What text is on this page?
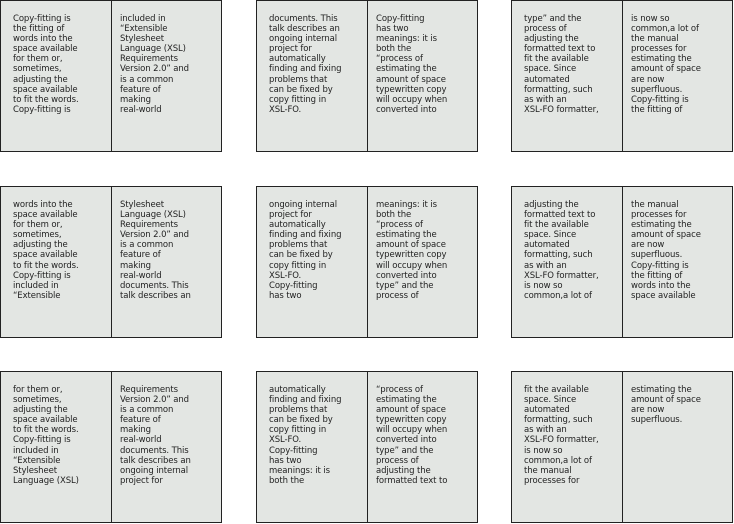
Copy-fitting is
the fitting of
words into the
space available
for them or,
sometimes,
adjusting the
space available
to fit the words.
Copy-fitting is
included in
“Extensible
Stylesheet
Language (XSL)
Requirements
Version 2.0” and
is a common
feature of
making
real-world
documents. This
talk describes an
ongoing internal
project for
automatically
finding and fixing
problems that
can be fixed by
copy fitting in
XSL-FO.
Copy-fitting
has two
meanings: it is
both the
“process of
estimating the
amount of space
typewritten copy
will occupy when
converted into
type” and the
process of
adjusting the
formatted text to
fit the available
space. Since
automated
formatting, such
as with an
XSL-FO formatter,
is now so
common,a lot of
the manual
processes for
estimating the
amount of space
are now
superfluous.
Copy-fitting is
the fitting of
words into the
space available
for them or,
sometimes,
adjusting the
space available
to fit the words.
Copy-fitting is
included in
“Extensible
Stylesheet
Language (XSL)
Requirements
Version 2.0” and
is a common
feature of
making
real-world
documents. This
talk describes an
ongoing internal
project for
automatically
finding and fixing
problems that
can be fixed by
copy fitting in
XSL-FO.
Copy-fitting
has two
meanings: it is
both the
“process of
estimating the
amount of space
typewritten copy
will occupy when
converted into
type” and the
process of
adjusting the
formatted text to
fit the available
space. Since
automated
formatting, such
as with an
XSL-FO formatter,
is now so
common,a lot of
the manual
processes for
estimating the
amount of space
are now
superfluous.
Copy-fitting is
the fitting of
words into the
space available
for them or,
sometimes,
adjusting the
space available
to fit the words.
Copy-fitting is
included in
“Extensible
Stylesheet
Language (XSL)
Requirements
Version 2.0” and
is a common
feature of
making
real-world
documents. This
talk describes an
ongoing internal
project for
automatically
finding and fixing
problems that
can be fixed by
copy fitting in
XSL-FO.
Copy-fitting
has two
meanings: it is
both the
“process of
estimating the
amount of space
typewritten copy
will occupy when
converted into
type” and the
process of
adjusting the
formatted text to
fit the available
space. Since
automated
formatting, such
as with an
XSL-FO formatter,
is now so
common,a lot of
the manual
processes for
estimating the
amount of space
are now
superfluous.
